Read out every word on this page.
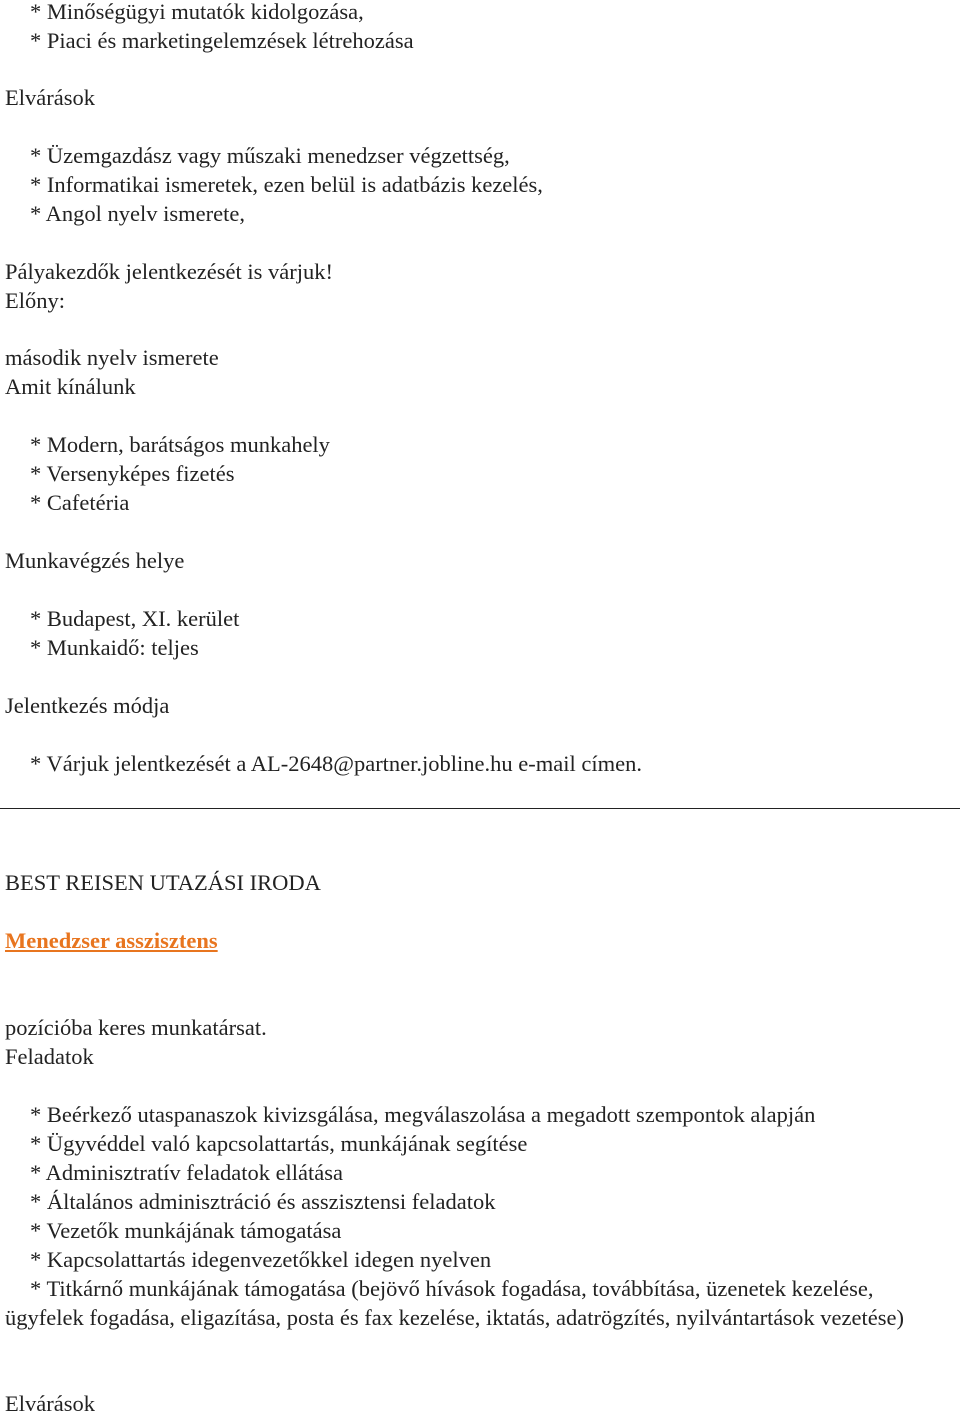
* Minőségügyi mutatók kidolgozása,
* Piaci és marketingelemzések létrehozása
Elvárások
* Üzemgazdász vagy műszaki menedzser végzettség,
* Informatikai ismeretek, ezen belül is adatbázis kezelés,
* Angol nyelv ismerete,
Pályakezdők jelentkezését is várjuk!
Előny:
második nyelv ismerete
Amit kínálunk
* Modern, barátságos munkahely
* Versenyképes fizetés
* Cafetéria
Munkavégzés helye
* Budapest, XI. kerület
* Munkaidő: teljes
Jelentkezés módja
* Várjuk jelentkezését a AL-2648@partner.jobline.hu e-mail címen.
BEST REISEN UTAZÁSI IRODA
Menedzser asszisztens
pozícióba keres munkatársat.
Feladatok
* Beérkező utaspanaszok kivizsgálása, megválaszolása a megadott szempontok alapján
* Ügyvéddel való kapcsolattartás, munkájának segítése
* Adminisztratív feladatok ellátása
* Általános adminisztráció és asszisztensi feladatok
* Vezetők munkájának támogatása
* Kapcsolattartás idegenvezetőkkel idegen nyelven
* Titkárnő munkájának támogatása (bejövő hívások fogadása, továbbítása, üzenetek kezelése, ügyfelek fogadása, eligazítása, posta és fax kezelése, iktatás, adatrögzítés, nyilvántartások vezetése)
Elvárások
